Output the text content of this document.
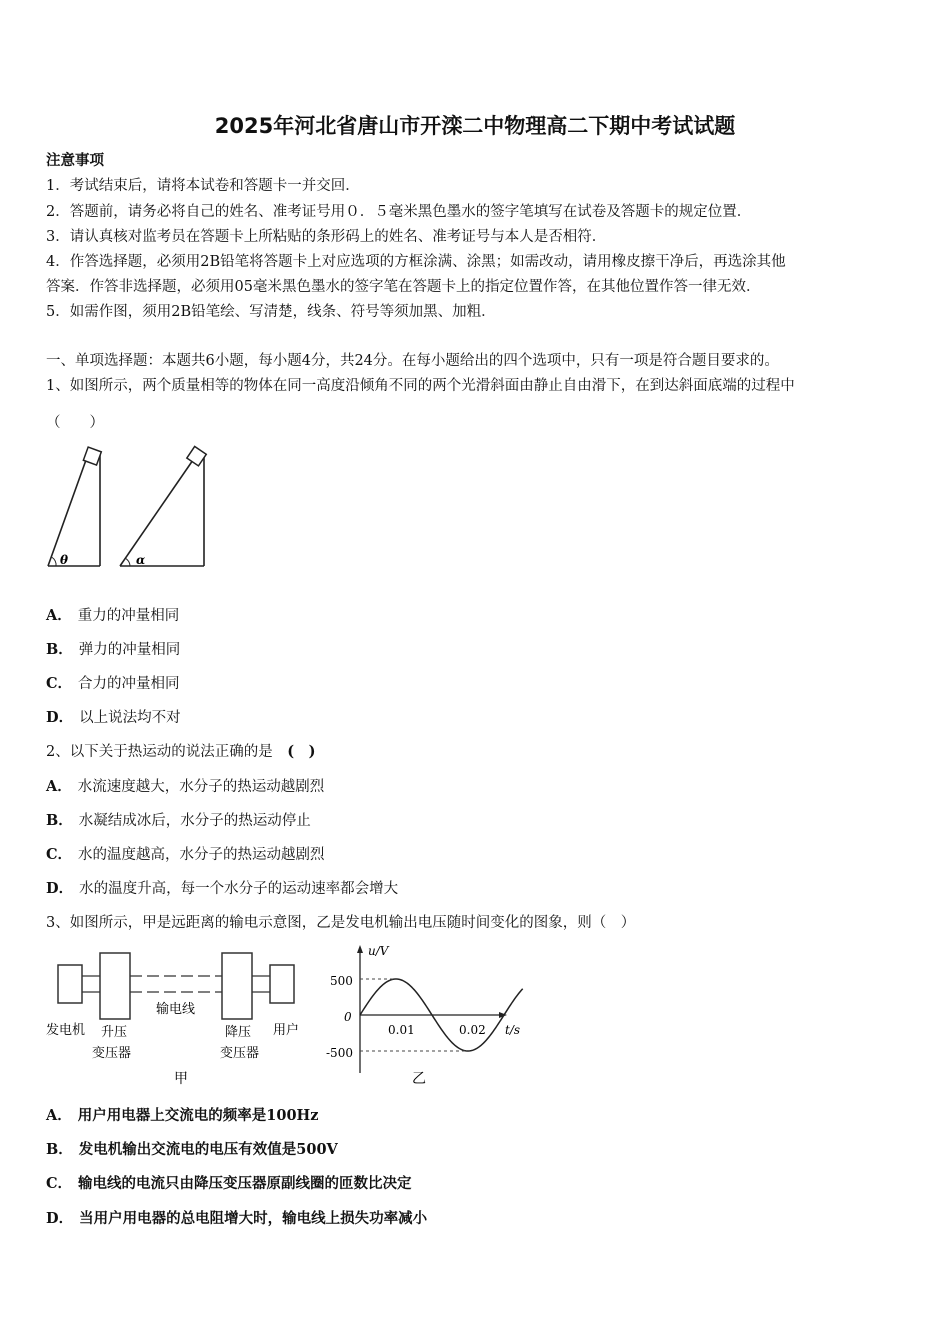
2025年河北省唐山市开滦二中物理高二下期中考试试题
注意事项
1．考试结束后，请将本试卷和答题卡一并交回．
2．答题前，请务必将自己的姓名、准考证号用０．５毫米黑色墨水的签字笔填写在试卷及答题卡的规定位置．
3．请认真核对监考员在答题卡上所粘贴的条形码上的姓名、准考证号与本人是否相符．
4．作答选择题，必须用2B铅笔将答题卡上对应选项的方框涂满、涂黑；如需改动，请用橡皮擦干净后，再选涂其他
答案．作答非选择题，必须用05毫米黑色墨水的签字笔在答题卡上的指定位置作答，在其他位置作答一律无效．
5．如需作图，须用2B铅笔绘、写清楚，线条、符号等须加黑、加粗．
一、单项选择题：本题共6小题，每小题4分，共24分。在每小题给出的四个选项中，只有一项是符合题目要求的。
1、如图所示，两个质量相等的物体在同一高度沿倾角不同的两个光滑斜面由静止自由滑下，在到达斜面底端的过程中
（　　）
θ	α
A． 重力的冲量相同
B． 弹力的冲量相同
C． 合力的冲量相同
D． 以上说法均不对
2、以下关于热运动的说法正确的是　 (　)
A． 水流速度越大，水分子的热运动越剧烈
B． 水凝结成冰后，水分子的热运动停止
C． 水的温度越高，水分子的热运动越剧烈
D． 水的温度升高，每一个水分子的运动速率都会增大
3、如图所示，甲是远距离的输电示意图，乙是发电机输出电压随时间变化的图象，则（　）
发电机 升压
变压器
输电线
降压
变压器
用户
甲
u/V
t/s
0
500
-500
0.01	0.02
乙
A． 用户用电器上交流电的频率是100Hz
B． 发电机输出交流电的电压有效值是500V
C． 输电线的电流只由降压变压器原副线圈的匝数比决定
D． 当用户用电器的总电阻增大时，输电线上损失功率减小
